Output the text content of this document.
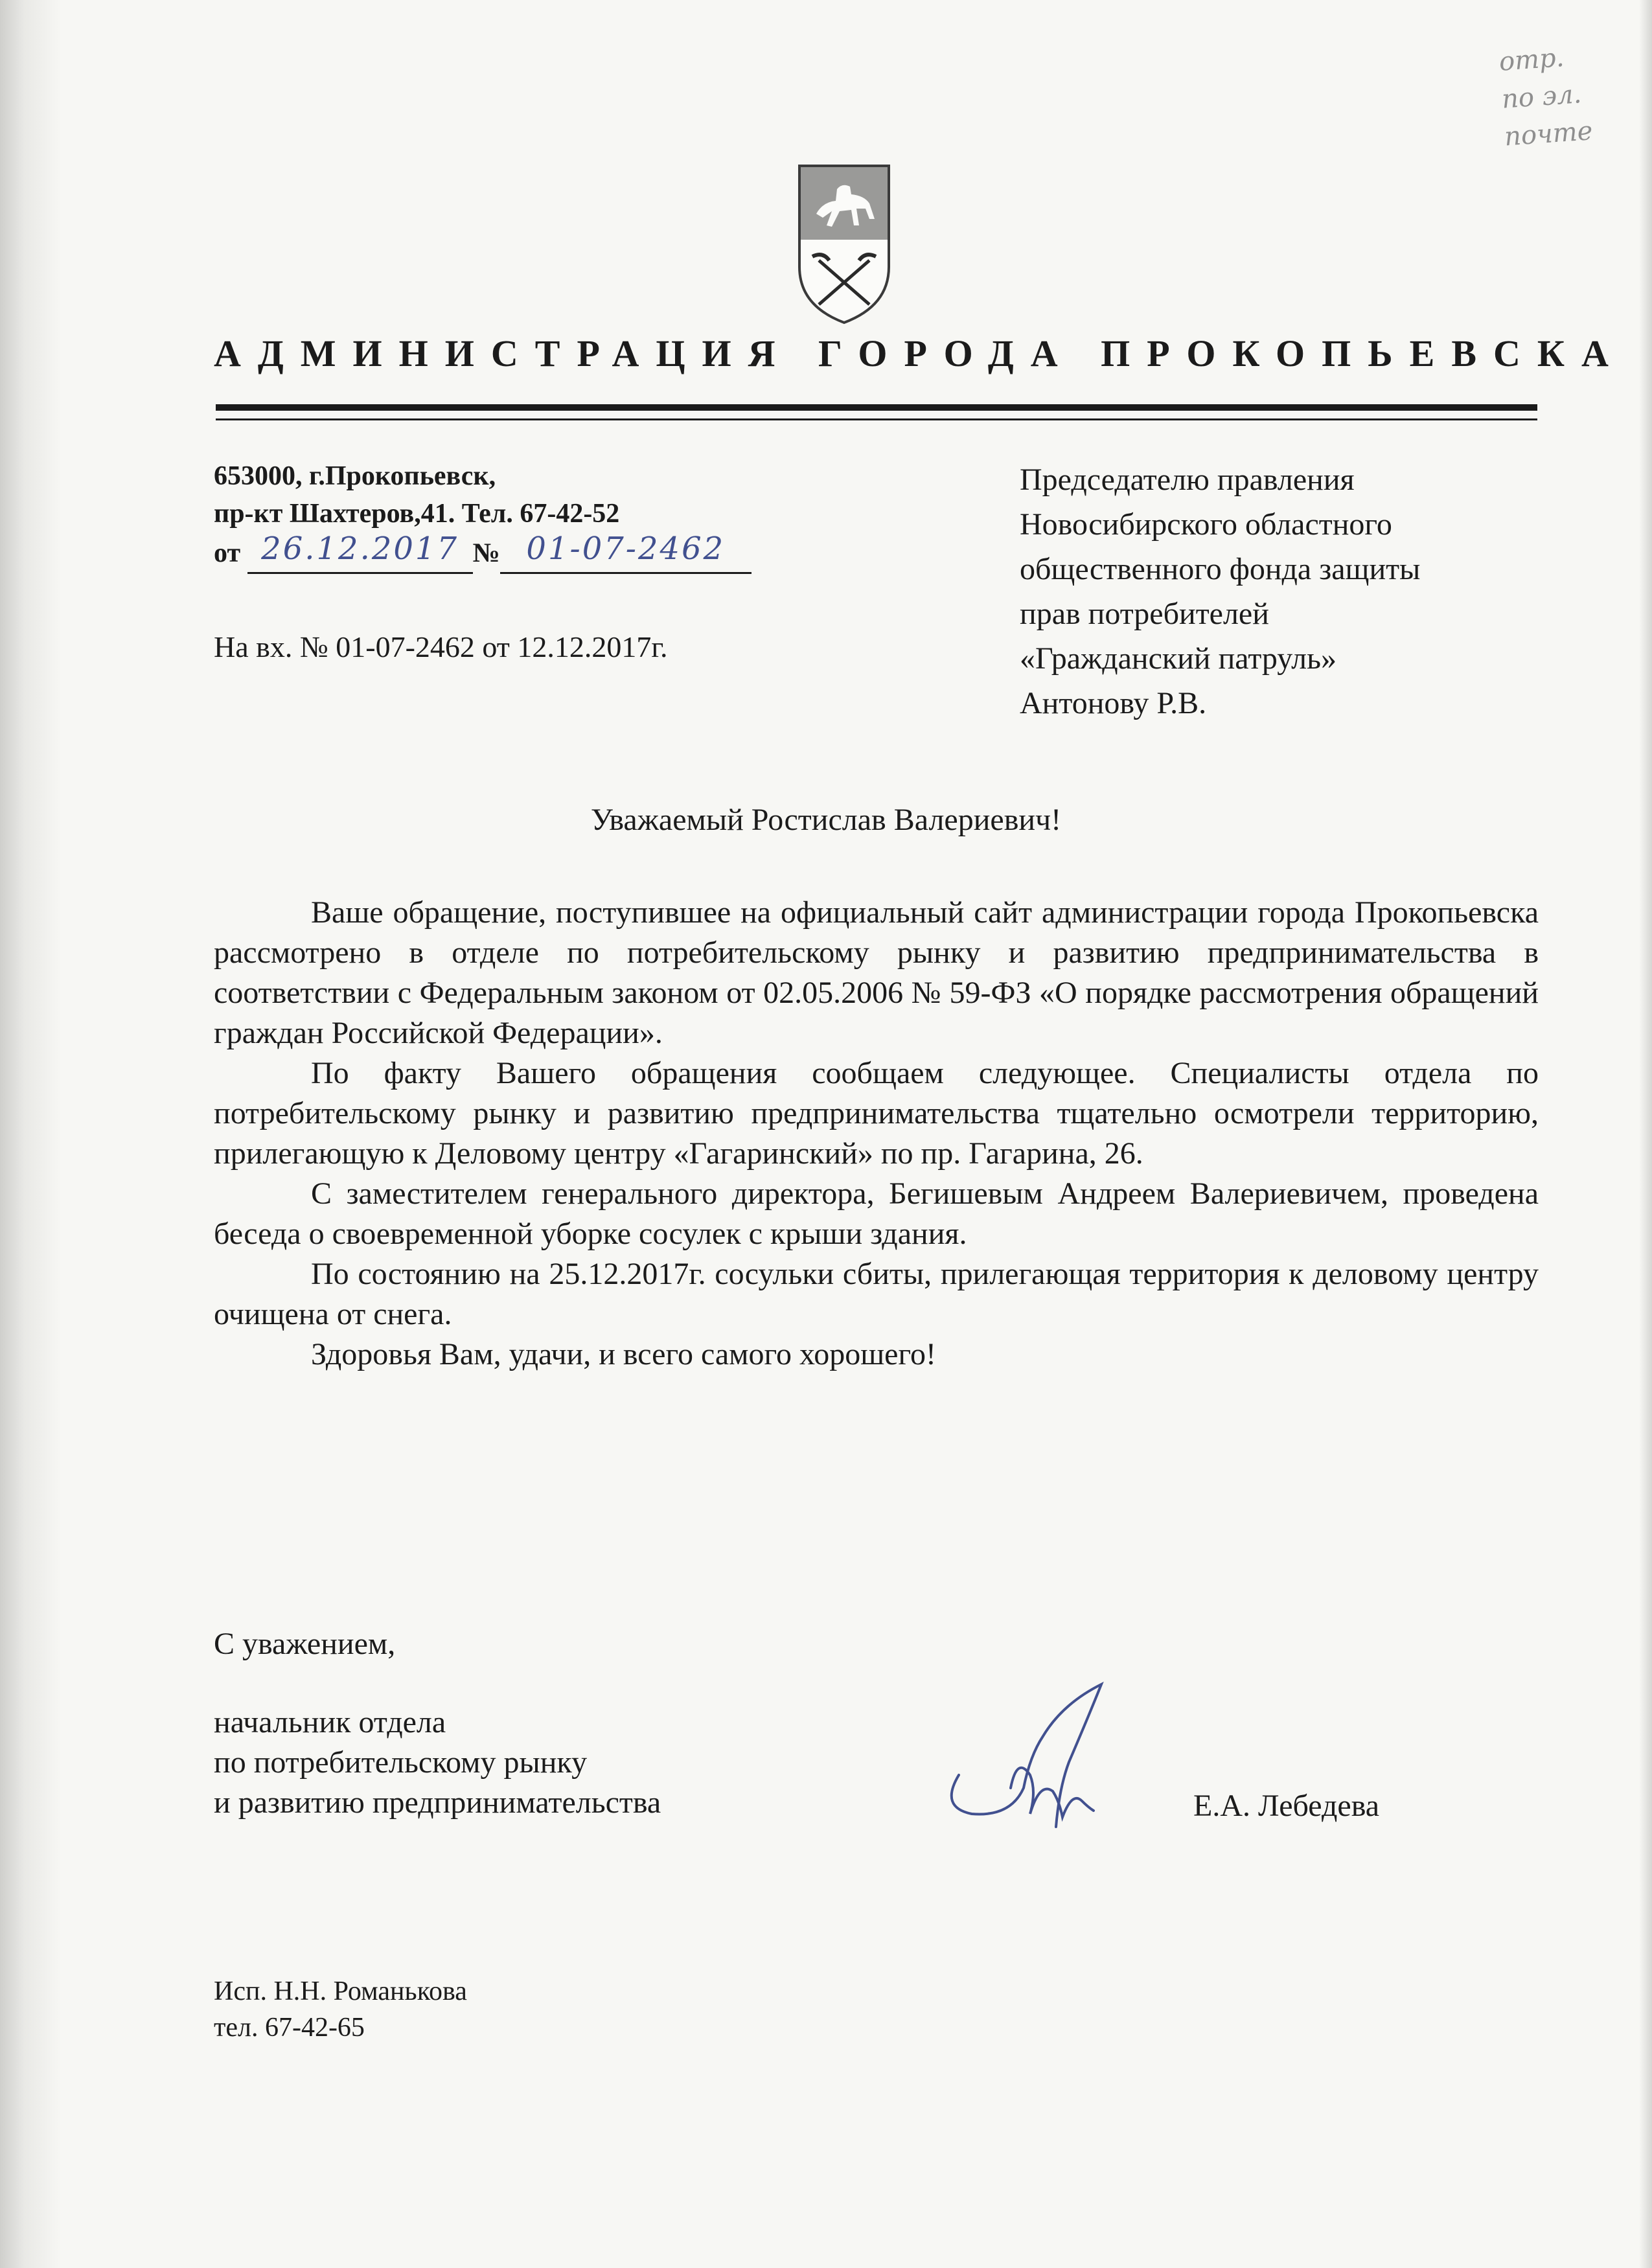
отр.
по эл.
почте
АДМИНИСТРАЦИЯ ГОРОДА ПРОКОПЬЕВСКА
653000, г.Прокопьевск,
пр-кт Шахтеров,41. Тел. 67-42-52
от 26.12.2017 № 01-07-2462
На вх. № 01-07-2462 от 12.12.2017г.
Председателю правления
Новосибирского областного
общественного фонда защиты
прав потребителей
«Гражданский патруль»
Антонову Р.В.
Уважаемый Ростислав Валериевич!

Ваше обращение, поступившее на официальный сайт администрации города Прокопьевска рассмотрено в отделе по потребительскому рынку и развитию предпринимательства в соответствии с Федеральным законом от 02.05.2006 № 59-ФЗ «О порядке рассмотрения обращений граждан Российской Федерации».

По факту Вашего обращения сообщаем следующее. Специалисты отдела по потребительскому рынку и развитию предпринимательства тщательно осмотрели территорию, прилегающую к Деловому центру «Гагаринский» по пр. Гагарина, 26.

С заместителем генерального директора, Бегишевым Андреем Валериевичем, проведена беседа о своевременной уборке сосулек с крыши здания.

По состоянию на 25.12.2017г. сосульки сбиты, прилегающая территория к деловому центру очищена от снега.

Здоровья Вам, удачи, и всего самого хорошего!

С уважением,
начальник отдела
по потребительскому рынку
и развитию предпринимательства	Е.А. Лебедева
Исп. Н.Н. Романькова
тел. 67-42-65
